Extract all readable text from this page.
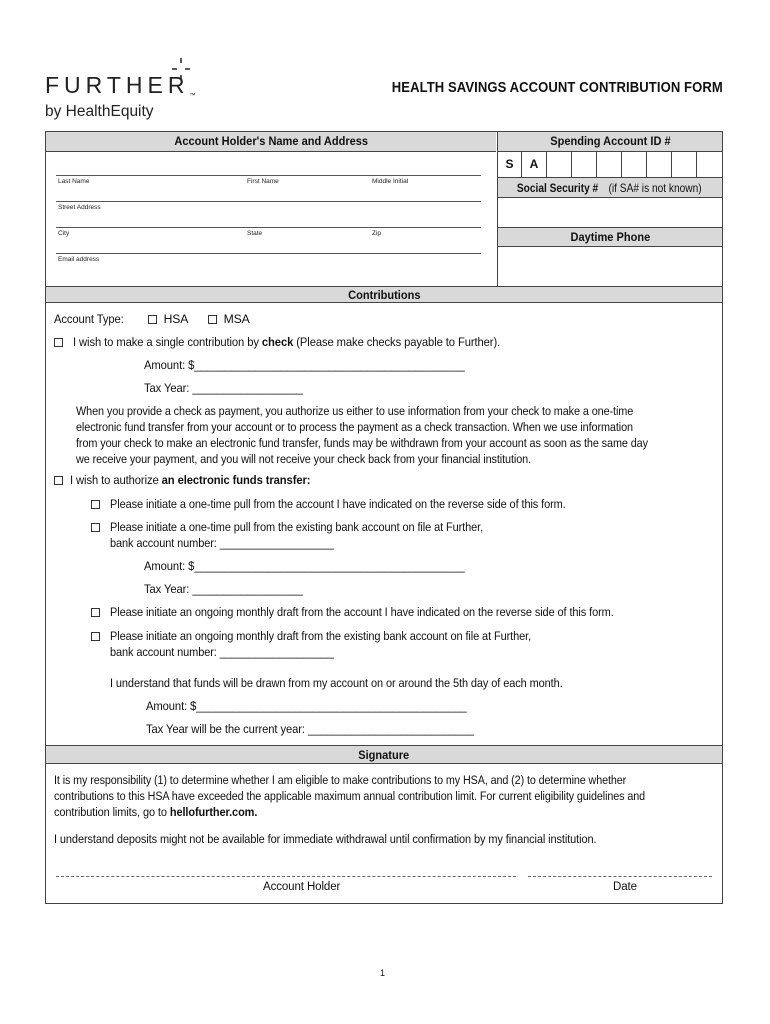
FURTHER™
by HealthEquity
HEALTH SAVINGS ACCOUNT CONTRIBUTION FORM
Account Holder's Name and Address	Spending Account ID #
Last Name	First Name	Middle Initial
Street Address
City	State	Zip
Email address
S	A
Social Security # (if SA# is not known)
Daytime Phone
Contributions
Account Type:	HSA	MSA
I wish to make a single contribution by check (Please make checks payable to Further).
Amount: $____________________________________________
Tax Year: __________________
When you provide a check as payment, you authorize us either to use information from your check to make a one-time electronic fund transfer from your account or to process the payment as a check transaction. When we use information from your check to make an electronic fund transfer, funds may be withdrawn from your account as soon as the same day we receive your payment, and you will not receive your check back from your financial institution.
I wish to authorize an electronic funds transfer:
Please initiate a one-time pull from the account I have indicated on the reverse side of this form.
Please initiate a one-time pull from the existing bank account on file at Further,
bank account number: ___________________
Amount: $____________________________________________
Tax Year: __________________
Please initiate an ongoing monthly draft from the account I have indicated on the reverse side of this form.
Please initiate an ongoing monthly draft from the existing bank account on file at Further,
bank account number: ___________________
I understand that funds will be drawn from my account on or around the 5th day of each month.
Amount: $____________________________________________
Tax Year will be the current year: ___________________________
Signature
It is my responsibility (1) to determine whether I am eligible to make contributions to my HSA, and (2) to determine whether contributions to this HSA have exceeded the applicable maximum annual contribution limit. For current eligibility guidelines and contribution limits, go to hellofurther.com.
I understand deposits might not be available for immediate withdrawal until confirmation by my financial institution.
Account Holder	Date
1
